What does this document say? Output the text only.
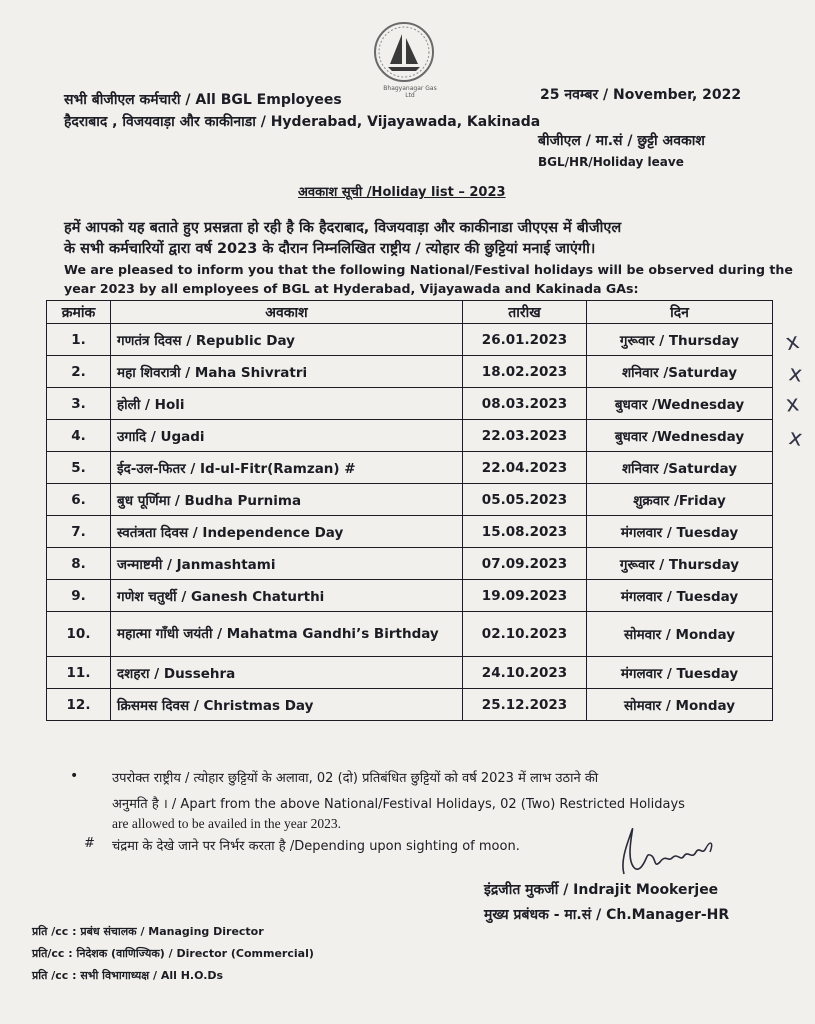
Bhagyanagar Gas Ltd
सभी बीजीएल कर्मचारी / All BGL Employees
हैदराबाद , विजयवाड़ा और काकीनाडा / Hyderabad, Vijayawada, Kakinada
25 नवम्बर / November, 2022
बीजीएल / मा.सं / छुट्टी अवकाश
BGL/HR/Holiday leave
अवकाश सूची /Holiday list – 2023
हमें आपको यह बताते हुए प्रसन्नता हो रही है कि हैदराबाद, विजयवाड़ा और काकीनाडा जीएएस में बीजीएल
के सभी कर्मचारियों द्वारा वर्ष 2023 के दौरान निम्नलिखित राष्ट्रीय / त्योहार की छुट्टियां मनाई जाएंगी।
We are pleased to inform you that the following National/Festival holidays will be observed during the
year 2023 by all employees of BGL at Hyderabad, Vijayawada and Kakinada GAs:
क्रमांक	अवकाश	तारीख	दिन
1.	गणतंत्र दिवस / Republic Day	26.01.2023	गुरूवार / Thursday
2.	महा शिवरात्री / Maha Shivratri	18.02.2023	शनिवार /Saturday
3.	होली / Holi	08.03.2023	बुधवार /Wednesday
4.	उगादि / Ugadi	22.03.2023	बुधवार /Wednesday
5.	ईद-उल-फितर / Id-ul-Fitr(Ramzan) #	22.04.2023	शनिवार /Saturday
6.	बुध पूर्णिमा / Budha Purnima	05.05.2023	शुक्रवार /Friday
7.	स्वतंत्रता दिवस / Independence Day	15.08.2023	मंगलवार / Tuesday
8.	जन्माष्टमी / Janmashtami	07.09.2023	गुरूवार / Thursday
9.	गणेश चतुर्थी / Ganesh Chaturthi	19.09.2023	मंगलवार / Tuesday
10.	महात्मा गाँधी जयंती / Mahatma Gandhi’s Birthday	02.10.2023	सोमवार / Monday
11.	दशहरा / Dussehra	24.10.2023	मंगलवार / Tuesday
12.	क्रिसमस दिवस / Christmas Day	25.12.2023	सोमवार / Monday
x
x
x
x
•	उपरोक्त राष्ट्रीय / त्योहार छुट्टियों के अलावा, 02 (दो) प्रतिबंधित छुट्टियों को वर्ष 2023 में लाभ उठाने की
अनुमति है । / Apart from the above National/Festival Holidays, 02 (Two) Restricted Holidays
are allowed to be availed in the year 2023.
# चंद्रमा के देखे जाने पर निर्भर करता है /Depending upon sighting of moon.
इंद्रजीत मुकर्जी / Indrajit Mookerjee
मुख्य प्रबंधक - मा.सं / Ch.Manager-HR
प्रति /cc : प्रबंध संचालक / Managing Director
प्रति/cc : निदेशक (वाणिज्यिक) / Director (Commercial)
प्रति /cc : सभी विभागाध्यक्ष / All H.O.Ds
